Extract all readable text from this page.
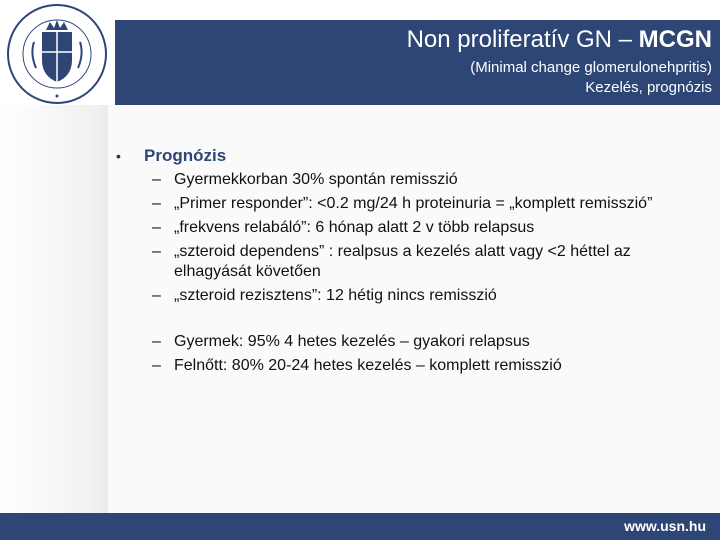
Non proliferatív GN – MCGN
(Minimal change glomerulonehpritis)
Kezelés, prognózis
• Prognózis
– Gyermekkorban 30% spontán remisszió
– „Primer responder”: <0.2 mg/24 h proteinuria = „komplett remisszió”
– „frekvens relabáló”: 6 hónap alatt 2 v több relapsus
– „szteroid dependens” : realpsus a kezelés alatt vagy <2 héttel az elhagyását követően
– „szteroid rezisztens”: 12 hétig nincs remisszió
– Gyermek: 95% 4 hetes kezelés – gyakori relapsus
– Felnőtt: 80% 20-24 hetes kezelés – komplett remisszió
www.usn.hu
